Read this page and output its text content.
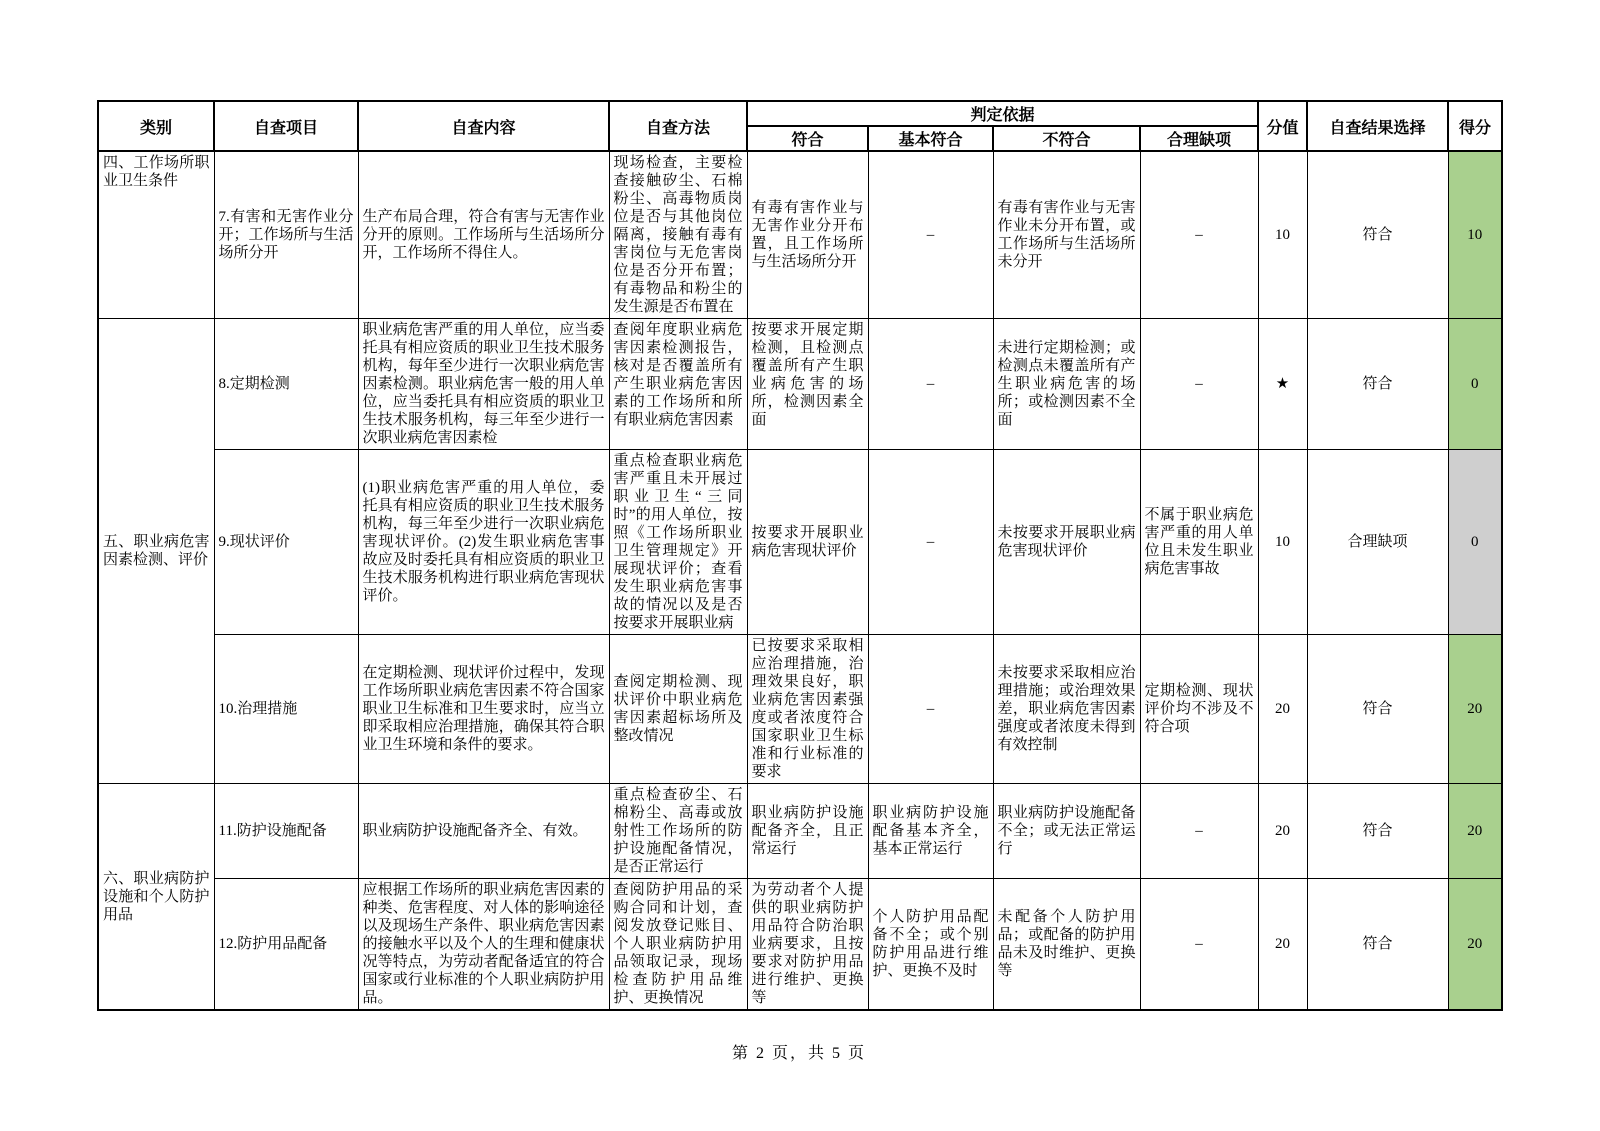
类别	自查项目	自查内容	自查方法	判定依据				分值	自查结果选择	得分
				符合	基本符合	不符合	合理缺项			
四、工作场所职业卫生条件	7.有害和无害作业分开；工作场所与生活场所分开	生产布局合理，符合有害与无害作业分开的原则。工作场所与生活场所分开，工作场所不得住人。	现场检查，主要检查接触矽尘、石棉粉尘、高毒物质岗位是否与其他岗位隔离，接触有毒有害岗位与无危害岗位是否分开布置；有毒物品和粉尘的发生源是否布置在	有毒有害作业与无害作业分开布置，且工作场所与生活场所分开	–	有毒有害作业与无害作业未分开布置，或工作场所与生活场所未分开	–	10	符合	10
五、职业病危害因素检测、评价	8.定期检测	职业病危害严重的用人单位，应当委托具有相应资质的职业卫生技术服务机构，每年至少进行一次职业病危害因素检测。职业病危害一般的用人单位，应当委托具有相应资质的职业卫生技术服务机构，每三年至少进行一次职业病危害因素检	查阅年度职业病危害因素检测报告，核对是否覆盖所有产生职业病危害因素的工作场所和所有职业病危害因素	按要求开展定期检测，且检测点覆盖所有产生职业病危害的场所，检测因素全面	–	未进行定期检测；或检测点未覆盖所有产生职业病危害的场所；或检测因素不全面	–	★	符合	0
	9.现状评价	(1)职业病危害严重的用人单位，委托具有相应资质的职业卫生技术服务机构，每三年至少进行一次职业病危害现状评价。(2)发生职业病危害事故应及时委托具有相应资质的职业卫生技术服务机构进行职业病危害现状评价。	重点检查职业病危害严重且未开展过职业卫生“三同时”的用人单位，按照《工作场所职业卫生管理规定》开展现状评价；查看发生职业病危害事故的情况以及是否按要求开展职业病	按要求开展职业病危害现状评价	–	未按要求开展职业病危害现状评价	不属于职业病危害严重的用人单位且未发生职业病危害事故	10	合理缺项	0
	10.治理措施	在定期检测、现状评价过程中，发现工作场所职业病危害因素不符合国家职业卫生标准和卫生要求时，应当立即采取相应治理措施，确保其符合职业卫生环境和条件的要求。	查阅定期检测、现状评价中职业病危害因素超标场所及整改情况	已按要求采取相应治理措施，治理效果良好，职业病危害因素强度或者浓度符合国家职业卫生标准和行业标准的要求	–	未按要求采取相应治理措施；或治理效果差，职业病危害因素强度或者浓度未得到有效控制	定期检测、现状评价均不涉及不符合项	20	符合	20
六、职业病防护设施和个人防护用品	11.防护设施配备	职业病防护设施配备齐全、有效。	重点检查矽尘、石棉粉尘、高毒或放射性工作场所的防护设施配备情况，是否正常运行	职业病防护设施配备齐全，且正常运行	职业病防护设施配备基本齐全，基本正常运行	职业病防护设施配备不全；或无法正常运行	–	20	符合	20
	12.防护用品配备	应根据工作场所的职业病危害因素的种类、危害程度、对人体的影响途径以及现场生产条件、职业病危害因素的接触水平以及个人的生理和健康状况等特点，为劳动者配备适宜的符合国家或行业标准的个人职业病防护用品。	查阅防护用品的采购合同和计划，查阅发放登记账目、个人职业病防护用品领取记录，现场检查防护用品维护、更换情况	为劳动者个人提供的职业病防护用品符合防治职业病要求，且按要求对防护用品进行维护、更换等	个人防护用品配备不全；或个别防护用品进行维护、更换不及时	未配备个人防护用品；或配备的防护用品未及时维护、更换等	–	20	符合	20
第 2 页，共 5 页
